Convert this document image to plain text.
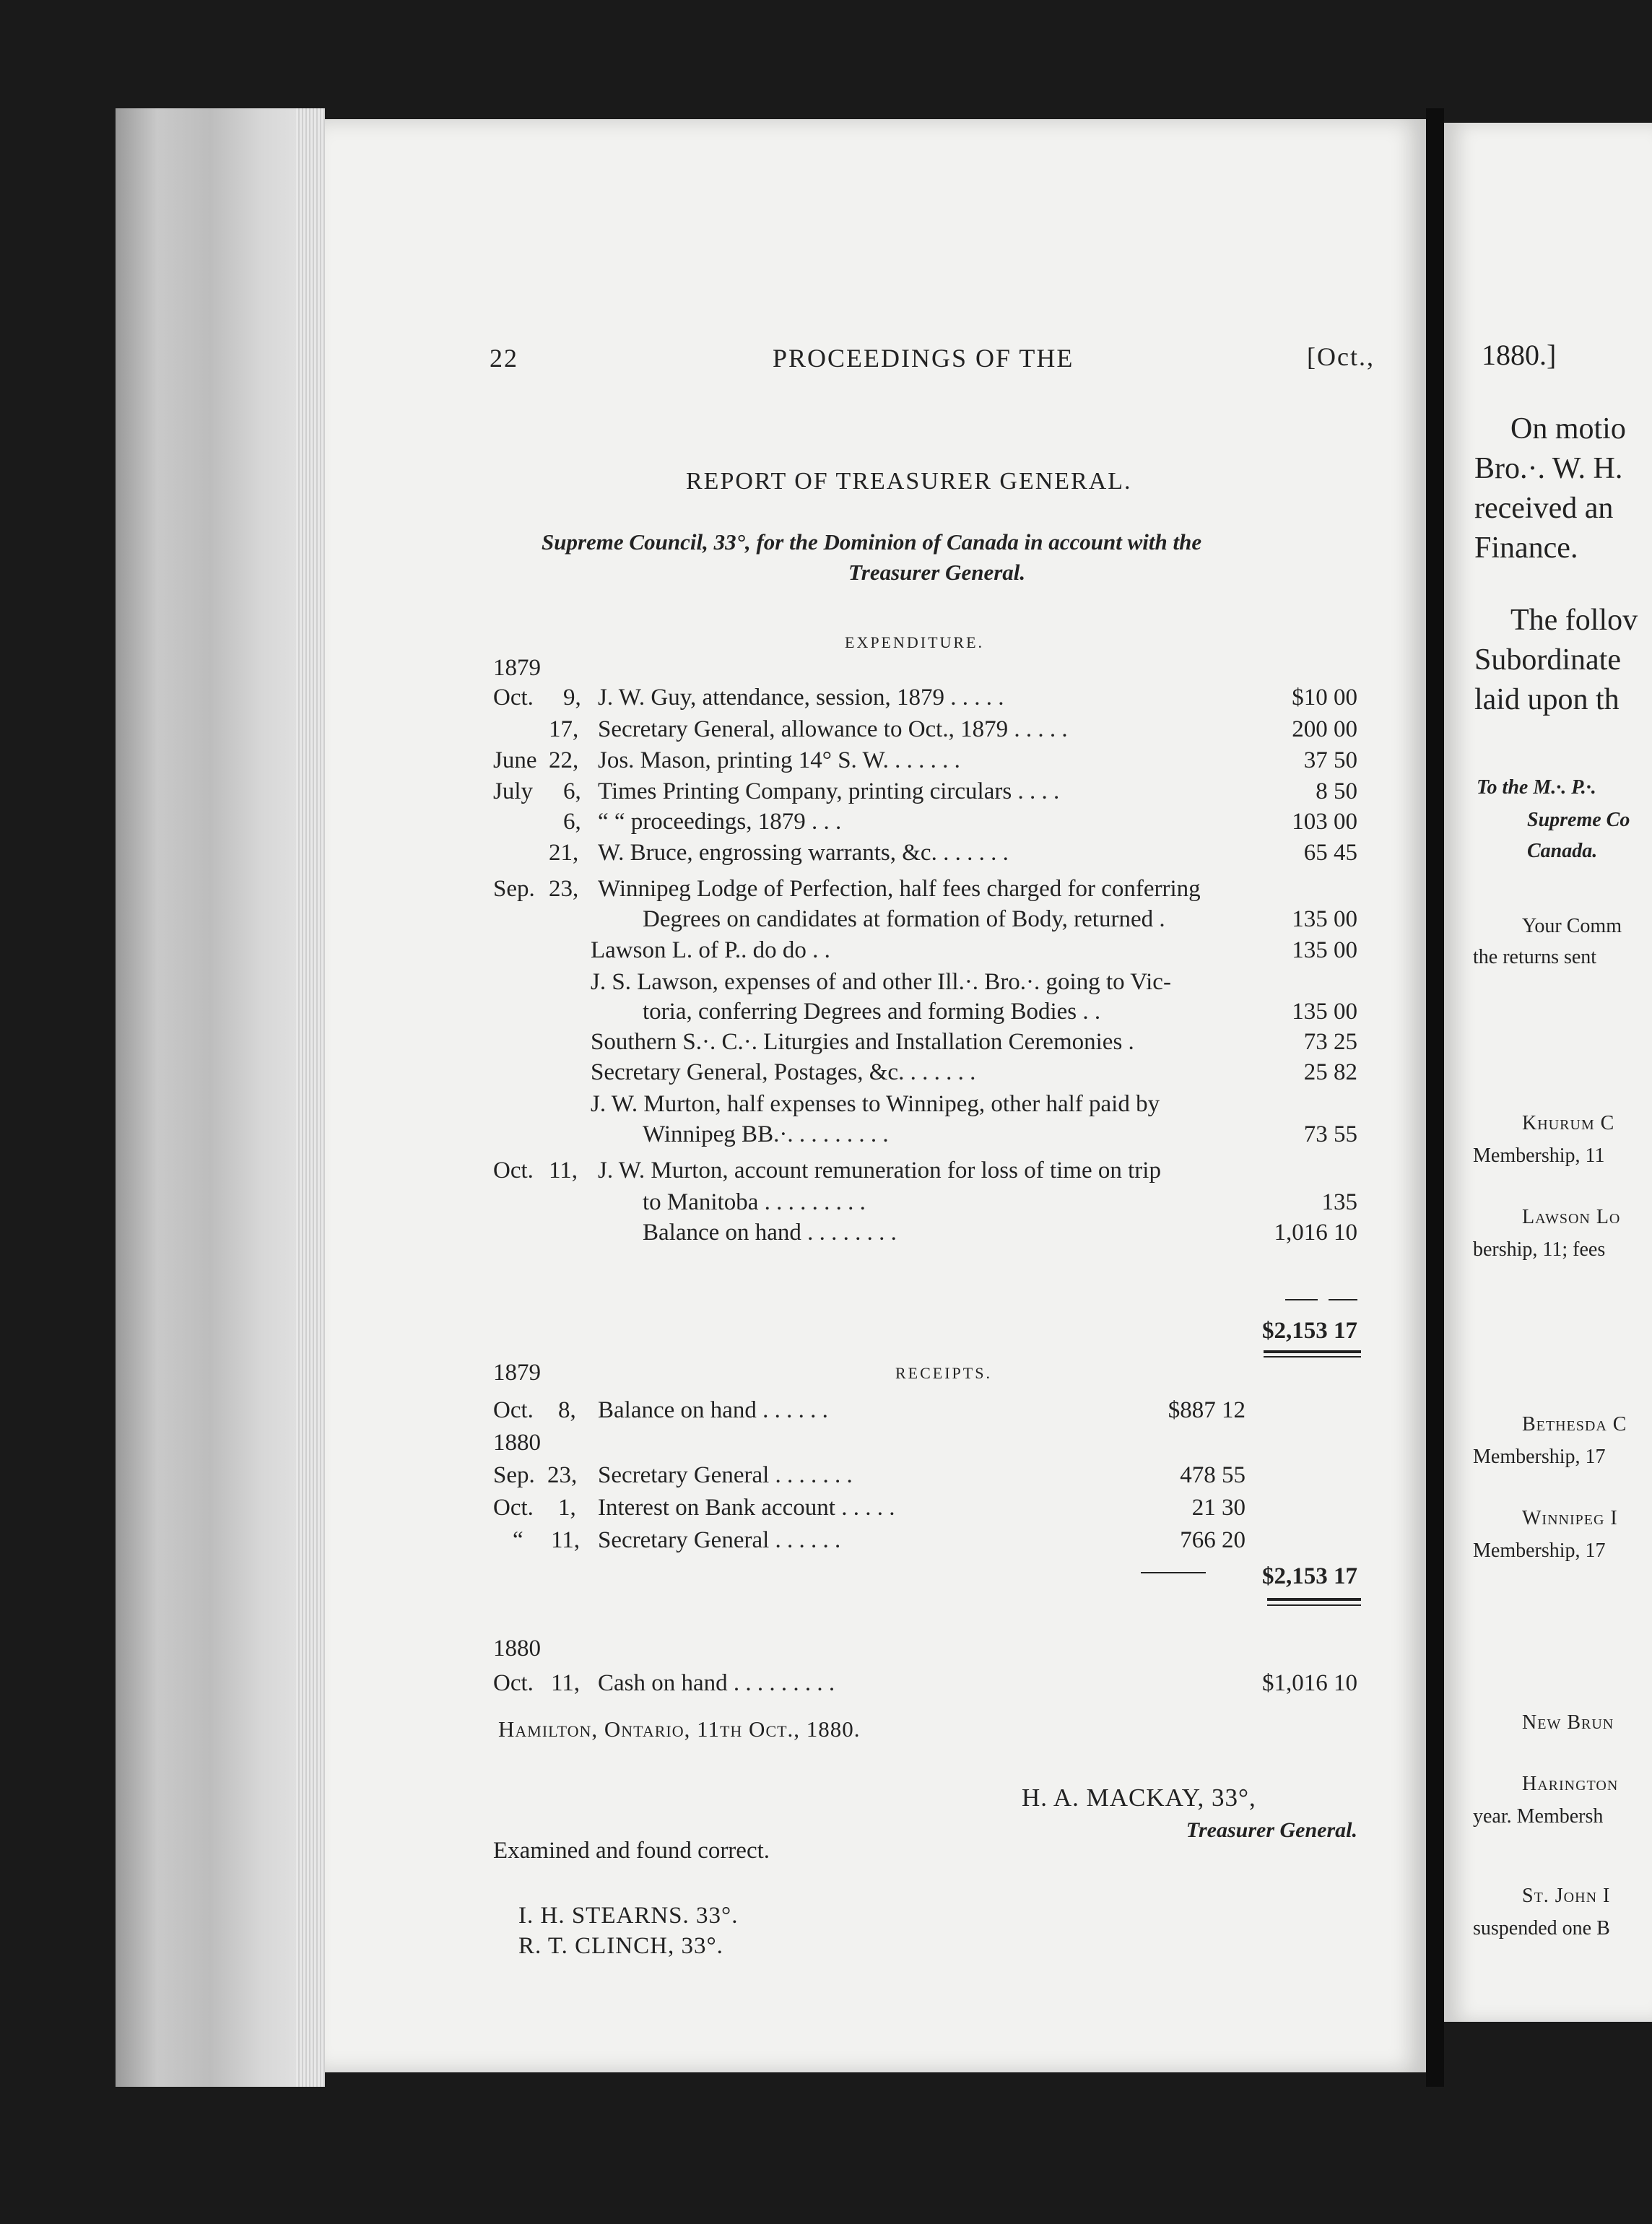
22	PROCEEDINGS OF THE	[Oct.,
REPORT OF TREASURER GENERAL.
Supreme Council, 33°, for the Dominion of Canada in account with the
Treasurer General.
EXPENDITURE.
1879
Oct. 9, J. W. Guy, attendance, session, 1879 . . . . .	$10 00
17, Secretary General, allowance to Oct., 1879 . . . . .	200 00
June 22, Jos. Mason, printing 14° S. W. . . . . . .	37 50
July 6, Times Printing Company, printing circulars . . . .	8 50
6, “ “ proceedings, 1879 . . .	103 00
21, W. Bruce, engrossing warrants, &c. . . . . . .	65 45
Sep. 23, Winnipeg Lodge of Perfection, half fees charged for conferring
Degrees on candidates at formation of Body, returned .	135 00
Lawson L. of P.. do do . .	135 00
J. S. Lawson, expenses of and other Ill.·. Bro.·. going to Vic-
toria, conferring Degrees and forming Bodies . .	135 00
Southern S.·. C.·. Liturgies and Installation Ceremonies .	73 25
Secretary General, Postages, &c. . . . . . .	25 82
J. W. Murton, half expenses to Winnipeg, other half paid by
Winnipeg BB.·. . . . . . . . .	73 55
Oct. 11, J. W. Murton, account remuneration for loss of time on trip
to Manitoba . . . . . . . . .	135
Balance on hand . . . . . . . .	1,016 10
$2,153 17
1879	RECEIPTS.
Oct. 8, Balance on hand . . . . . .	$887 12
1880
Sep. 23, Secretary General . . . . . . .	478 55
Oct. 1, Interest on Bank account . . . . .	21 30
“ 11, Secretary General . . . . . .	766 20
$2,153 17
1880
Oct. 11, Cash on hand . . . . . . . . .	$1,016 10
Hamilton, Ontario, 11th Oct., 1880.
H. A. MACKAY, 33°,
Treasurer General.
Examined and found correct.
I. H. STEARNS. 33°.
R. T. CLINCH, 33°.
1880.]
On motio
Bro.·. W. H.
received an
Finance.
The follov
Subordinate
laid upon th
To the M.·. P.·.
Supreme Co
Canada.
Your Comm
the returns sent
Khurum C
Membership, 11
Lawson Lo
bership, 11; fees
Bethesda C
Membership, 17
Winnipeg I
Membership, 17
New Brun
Harington
year. Membersh
St. John I
suspended one B
